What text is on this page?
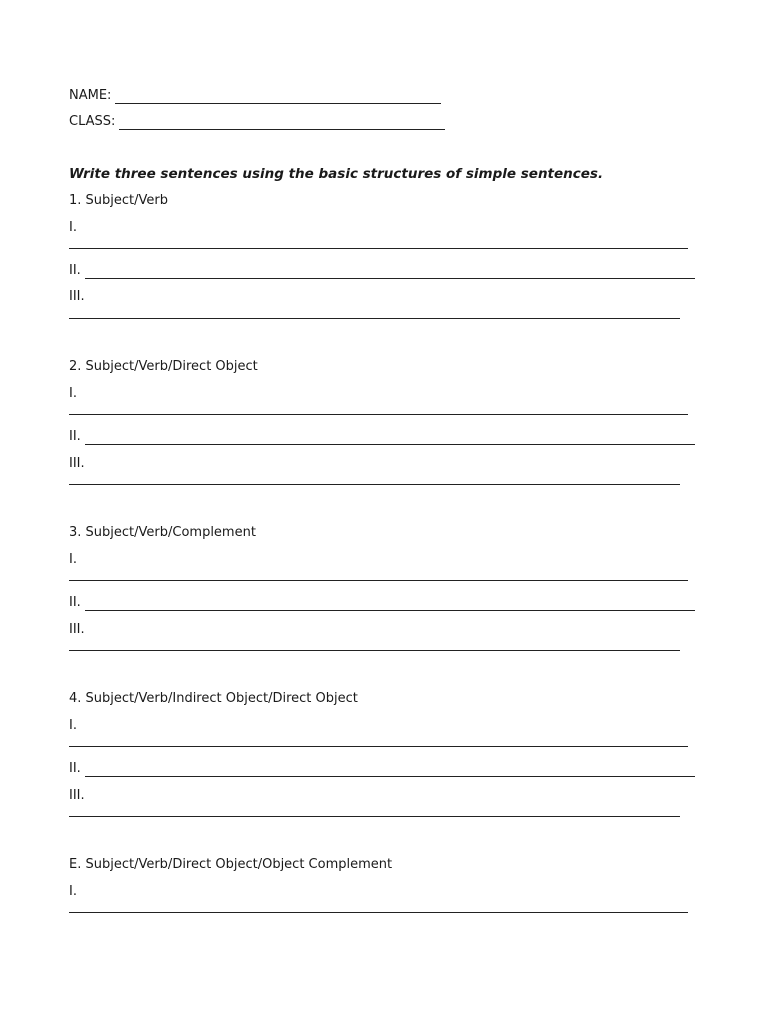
NAME:
CLASS:
Write three sentences using the basic structures of simple sentences.
1. Subject/Verb
I.
II.
III.
2. Subject/Verb/Direct Object
I.
II.
III.
3. Subject/Verb/Complement
I.
II.
III.
4. Subject/Verb/Indirect Object/Direct Object
I.
II.
III.
E. Subject/Verb/Direct Object/Object Complement
I.
